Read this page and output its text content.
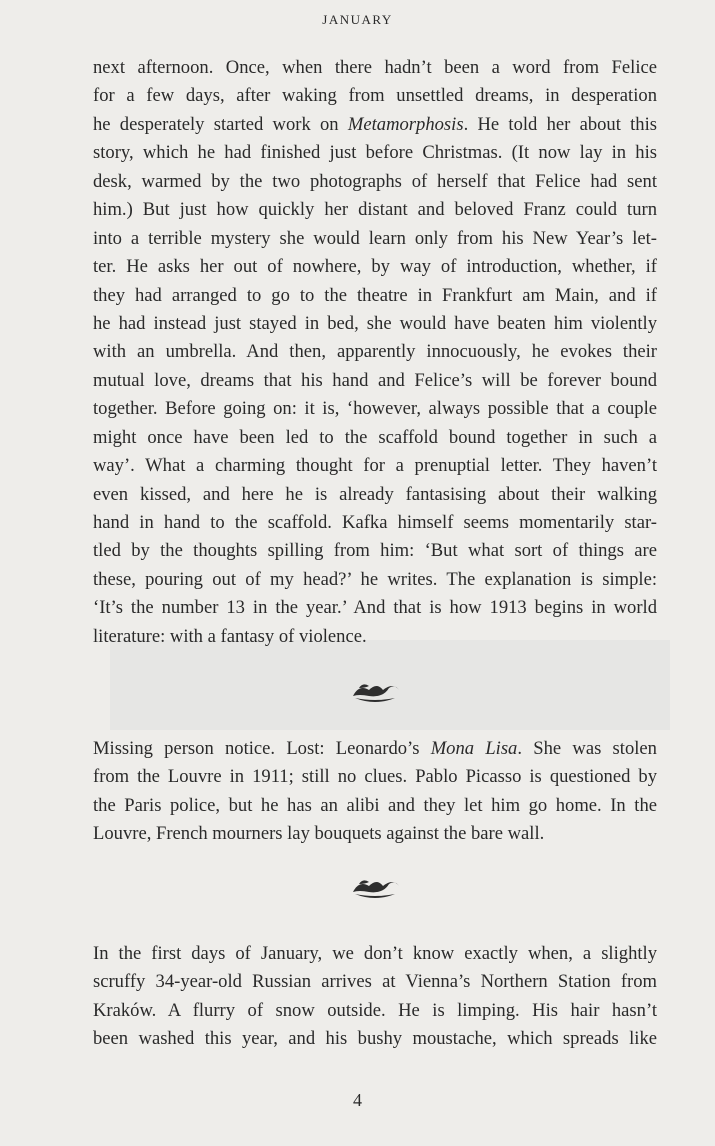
JANUARY
next afternoon. Once, when there hadn’t been a word from Felice
for a few days, after waking from unsettled dreams, in desperation
he desperately started work on Metamorphosis. He told her about this
story, which he had finished just before Christmas. (It now lay in his
desk, warmed by the two photographs of herself that Felice had sent
him.) But just how quickly her distant and beloved Franz could turn
into a terrible mystery she would learn only from his New Year’s let-
ter. He asks her out of nowhere, by way of introduction, whether, if
they had arranged to go to the theatre in Frankfurt am Main, and if
he had instead just stayed in bed, she would have beaten him violently
with an umbrella. And then, apparently innocuously, he evokes their
mutual love, dreams that his hand and Felice’s will be forever bound
together. Before going on: it is, ‘however, always possible that a couple
might once have been led to the scaffold bound together in such a
way’. What a charming thought for a prenuptial letter. They haven’t
even kissed, and here he is already fantasising about their walking
hand in hand to the scaffold. Kafka himself seems momentarily star-
tled by the thoughts spilling from him: ‘But what sort of things are
these, pouring out of my head?’ he writes. The explanation is simple:
‘It’s the number 13 in the year.’ And that is how 1913 begins in world
literature: with a fantasy of violence.
Missing person notice. Lost: Leonardo’s Mona Lisa. She was stolen
from the Louvre in 1911; still no clues. Pablo Picasso is questioned by
the Paris police, but he has an alibi and they let him go home. In the
Louvre, French mourners lay bouquets against the bare wall.
In the first days of January, we don’t know exactly when, a slightly
scruffy 34-year-old Russian arrives at Vienna’s Northern Station from
Kraków. A flurry of snow outside. He is limping. His hair hasn’t
been washed this year, and his bushy moustache, which spreads like
4
